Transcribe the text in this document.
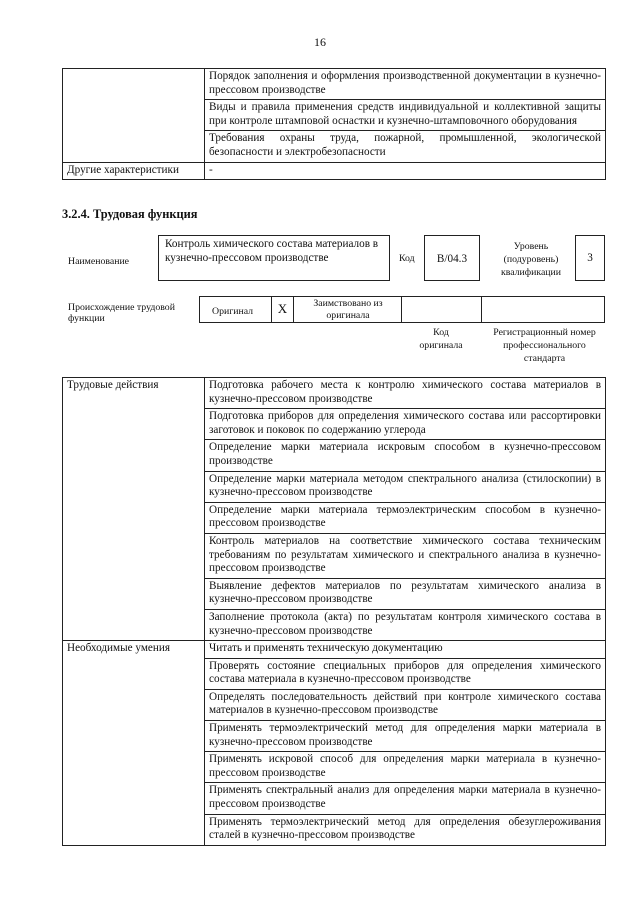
16
	Порядок заполнения и оформления производственной документации в кузнечно-прессовом производстве
	Виды и правила применения средств индивидуальной и коллективной защиты при контроле штамповой оснастки и кузнечно-штамповочного оборудования
	Требования охраны труда, пожарной, промышленной, экологической безопасности и электробезопасности
Другие характеристики	-
3.2.4. Трудовая функция
Наименование
Контроль химического состава материалов в кузнечно-прессовом производстве	Код	B/04.3
Уровень (подуровень) квалификации
3
Происхождение трудовой функции
Оригинал	X	Заимствовано из оригинала
Код оригинала
Регистрационный номер профессионального стандарта
Трудовые действия	Подготовка рабочего места к контролю химического состава материалов в кузнечно-прессовом производстве
	Подготовка приборов для определения химического состава или рассортировки заготовок и поковок по содержанию углерода
	Определение марки материала искровым способом в кузнечно-прессовом производстве
	Определение марки материала методом спектрального анализа (стилоскопии) в кузнечно-прессовом производстве
	Определение марки материала термоэлектрическим способом в кузнечно-прессовом производстве
	Контроль материалов на соответствие химического состава техническим требованиям по результатам химического и спектрального анализа в кузнечно-прессовом производстве
	Выявление дефектов материалов по результатам химического анализа в кузнечно-прессовом производстве
	Заполнение протокола (акта) по результатам контроля химического состава в кузнечно-прессовом производстве
Необходимые умения	Читать и применять техническую документацию
	Проверять состояние специальных приборов для определения химического состава материала в кузнечно-прессовом производстве
	Определять последовательность действий при контроле химического состава материалов в кузнечно-прессовом производстве
	Применять термоэлектрический метод для определения марки материала в кузнечно-прессовом производстве
	Применять искровой способ для определения марки материала в кузнечно-прессовом производстве
	Применять спектральный анализ для определения марки материала в кузнечно-прессовом производстве
	Применять термоэлектрический метод для определения обезуглероживания сталей в кузнечно-прессовом производстве
